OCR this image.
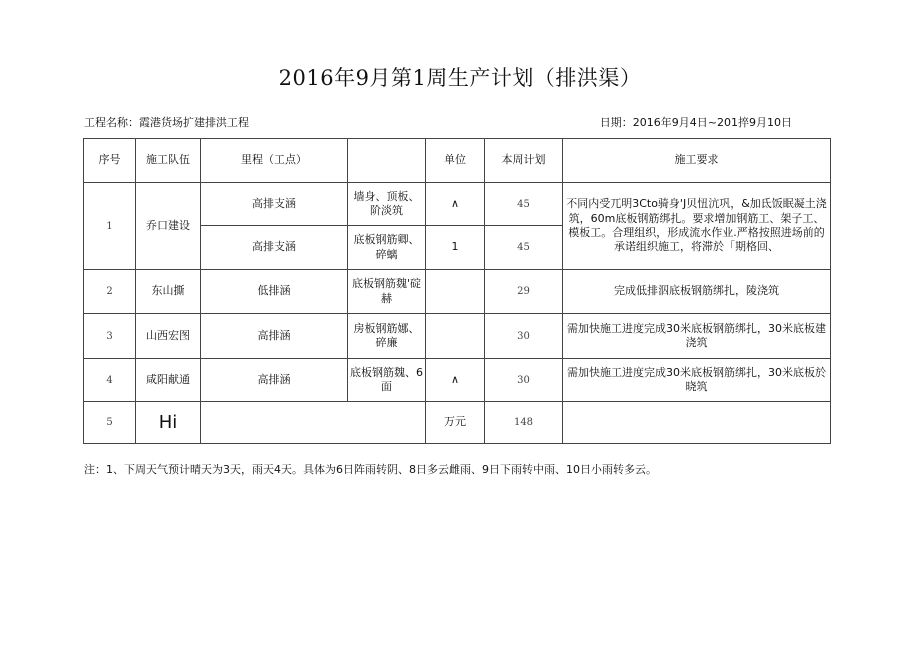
2016年9月第1周生产计划（排洪渠）
工程名称：霞港货场扩建排洪工程	日期：2016年9月4日~201捽9月10日
序号	施工队伍	里程（工点）		单位	本周计划	施工要求
1	乔口建设	高排支涵	墙身、顶板、阶淡筑	∧	45	不同内受兀明3Cto骑身'J贝忸沆巩，&加氐饭眠凝土浇筑，60m底板钢筋绑扎。要求增加钢筋工、架子工、模板工。合理组织，形成流水作业.严格按照进场前的承诺组织施工，将滞於「期格回、
		高排支涵	底板钢筋卿、碎螭	1	45	
2	东山撕	低排涵	底板钢筋魏'碇赫		29	完成低排泅底板钢筋绑扎，陵浇筑
3	山西宏图	高排涵	房板钢筋娜、碎廉		30	需加快施工进度完成30米底板钢筋绑扎，30米底板建浇筑
4	咸阳献通	高排涵	底板钢筋魏、6面	∧	30	需加快施工进度完成30米底板钢筋绑扎，30米底板於晓筑
5	Hi			万元	148	
注：1、下周天气预计晴天为3天，雨天4天。具体为6日阵雨转阴、8日多云雌雨、9日下雨转中雨、10日小雨转多云。
